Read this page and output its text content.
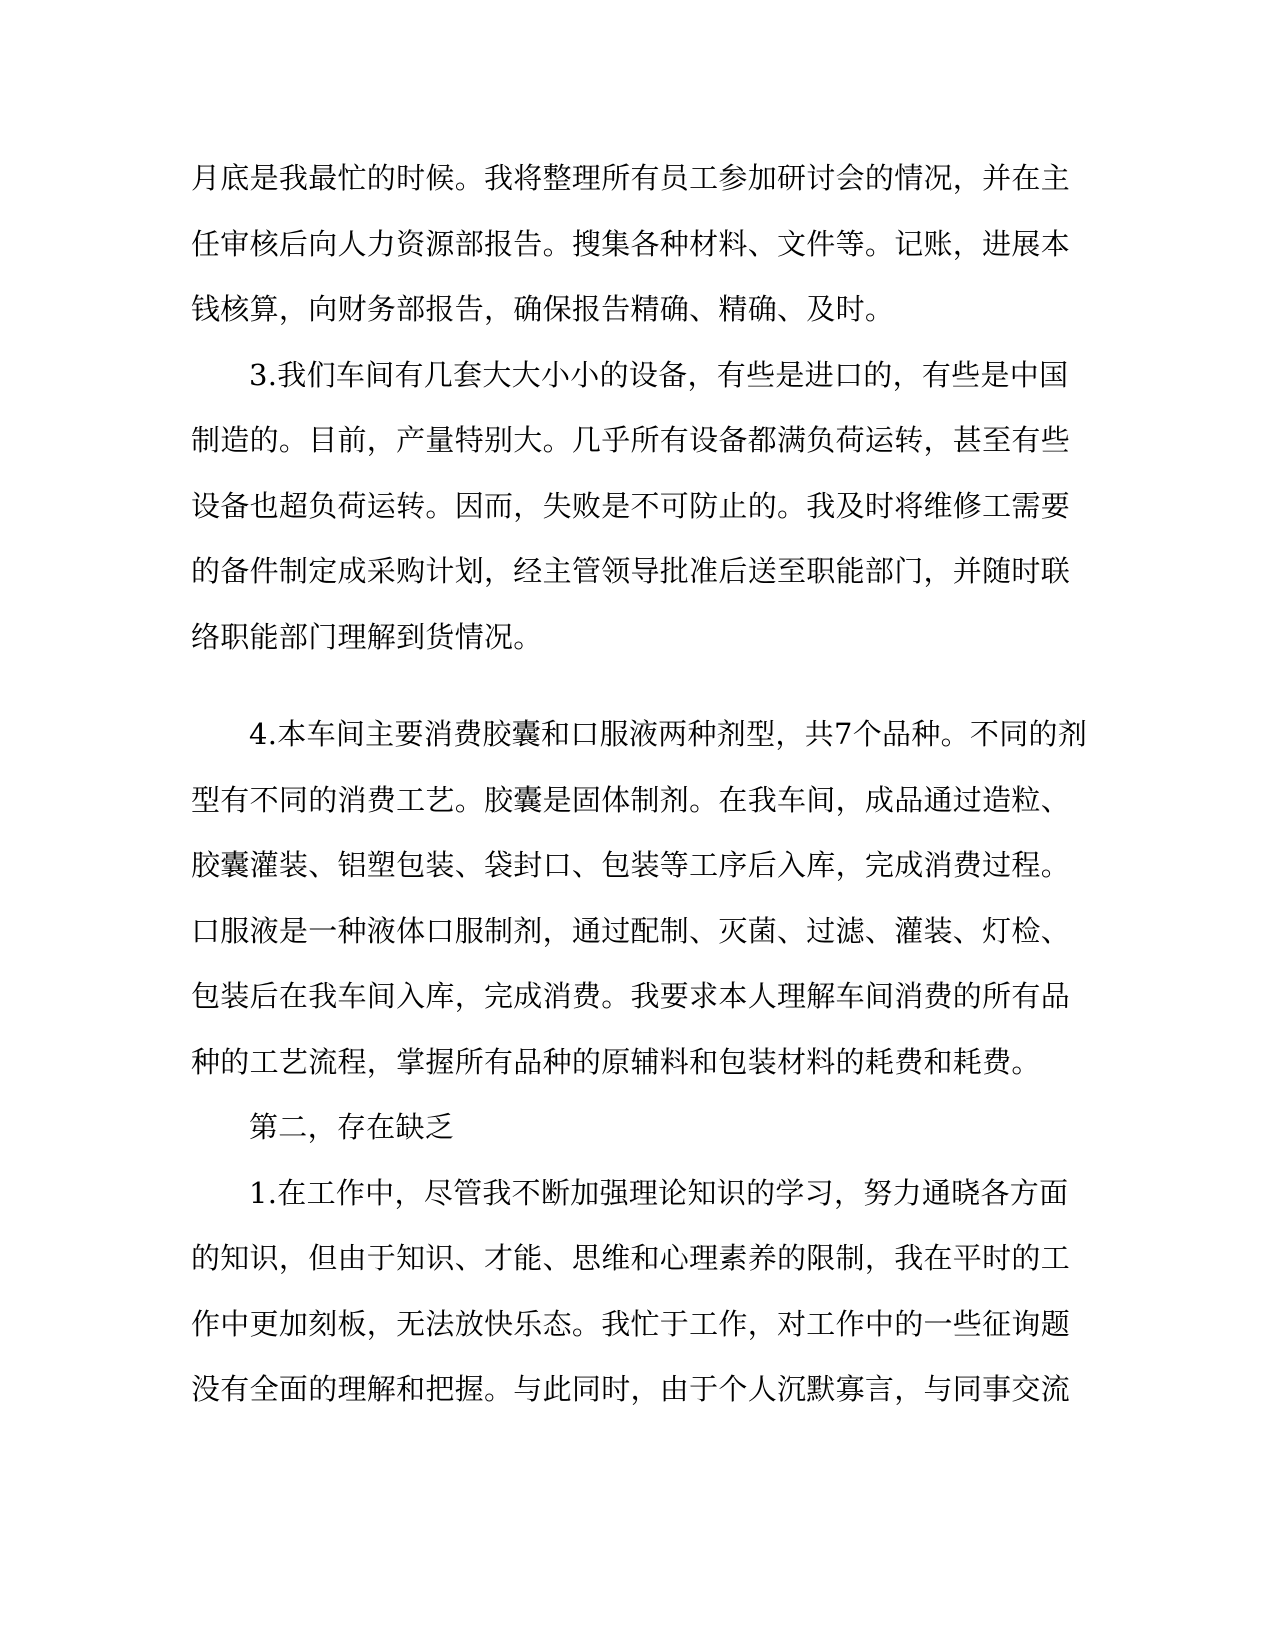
月底是我最忙的时候。我将整理所有员工参加研讨会的情况，并在主
任审核后向人力资源部报告。搜集各种材料、文件等。记账，进展本
钱核算，向财务部报告，确保报告精确、精确、及时。
3.我们车间有几套大大小小的设备，有些是进口的，有些是中国
制造的。目前，产量特别大。几乎所有设备都满负荷运转，甚至有些
设备也超负荷运转。因而，失败是不可防止的。我及时将维修工需要
的备件制定成采购计划，经主管领导批准后送至职能部门，并随时联
络职能部门理解到货情况。
4.本车间主要消费胶囊和口服液两种剂型，共7个品种。不同的剂
型有不同的消费工艺。胶囊是固体制剂。在我车间，成品通过造粒、
胶囊灌装、铝塑包装、袋封口、包装等工序后入库，完成消费过程。
口服液是一种液体口服制剂，通过配制、灭菌、过滤、灌装、灯检、
包装后在我车间入库，完成消费。我要求本人理解车间消费的所有品
种的工艺流程，掌握所有品种的原辅料和包装材料的耗费和耗费。
第二，存在缺乏
1.在工作中，尽管我不断加强理论知识的学习，努力通晓各方面
的知识，但由于知识、才能、思维和心理素养的限制，我在平时的工
作中更加刻板，无法放快乐态。我忙于工作，对工作中的一些征询题
没有全面的理解和把握。与此同时，由于个人沉默寡言，与同事交流
